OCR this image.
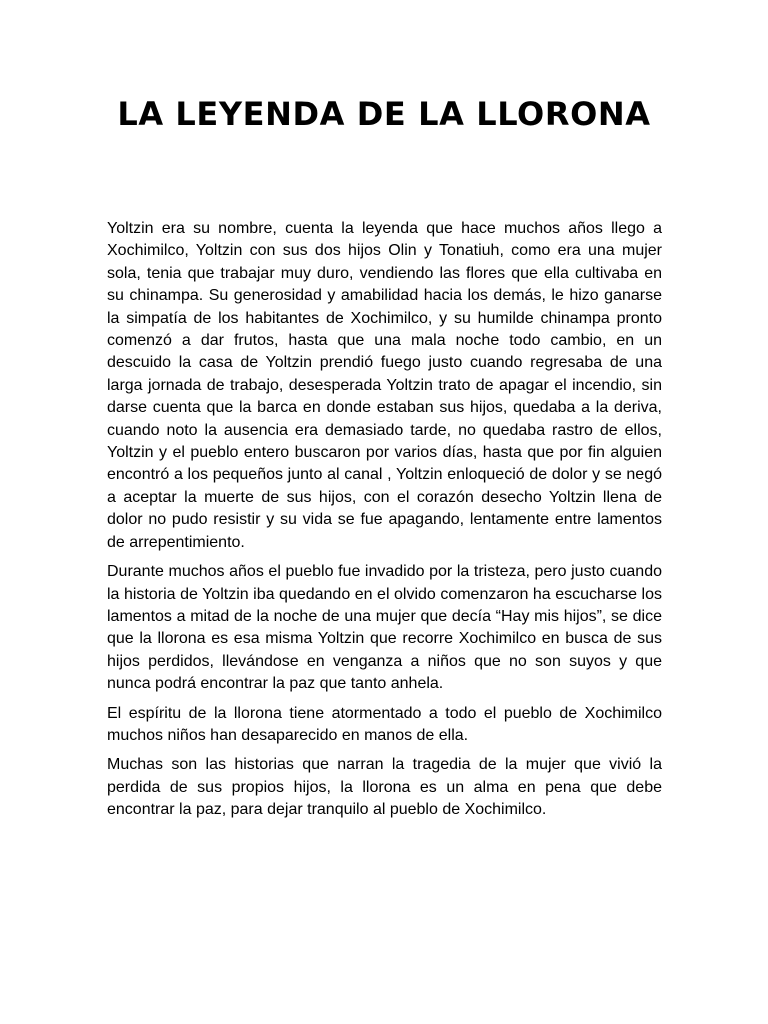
LA LEYENDA DE LA LLORONA

Yoltzin era su nombre, cuenta la leyenda que hace muchos años llego a Xochimilco, Yoltzin con sus dos hijos Olin y Tonatiuh, como era una mujer sola, tenia que trabajar muy duro, vendiendo las flores que ella cultivaba en su chinampa. Su generosidad y amabilidad hacia los demás, le hizo ganarse la simpatía de los habitantes de Xochimilco, y su humilde chinampa pronto comenzó a dar frutos, hasta que una mala noche todo cambio, en un descuido la casa de Yoltzin prendió fuego justo cuando regresaba de una larga jornada de trabajo, desesperada Yoltzin trato de apagar el incendio, sin darse cuenta que la barca en donde estaban sus hijos, quedaba a la deriva, cuando noto la ausencia era demasiado tarde, no quedaba rastro de ellos, Yoltzin y el pueblo entero buscaron por varios días, hasta que por fin alguien encontró a los pequeños junto al canal , Yoltzin enloqueció de dolor y se negó  a aceptar la muerte de sus hijos, con el corazón desecho Yoltzin llena de dolor no pudo resistir y su vida se fue apagando, lentamente entre lamentos de arrepentimiento.

Durante muchos años el pueblo fue invadido por la tristeza, pero justo cuando la historia de Yoltzin iba quedando en el olvido comenzaron ha escucharse los lamentos a mitad de la noche de una mujer que decía “Hay mis hijos”, se dice que la llorona es esa misma Yoltzin que recorre Xochimilco en busca de sus hijos perdidos, llevándose en venganza a niños que no son suyos y que nunca podrá encontrar la paz que tanto anhela.

El espíritu de la llorona tiene atormentado a todo el pueblo de Xochimilco muchos niños han desaparecido en manos de ella.

Muchas son las historias que narran la tragedia de la mujer que vivió la perdida de sus propios hijos, la llorona es un alma en pena que debe encontrar la paz, para dejar tranquilo al pueblo de Xochimilco.
